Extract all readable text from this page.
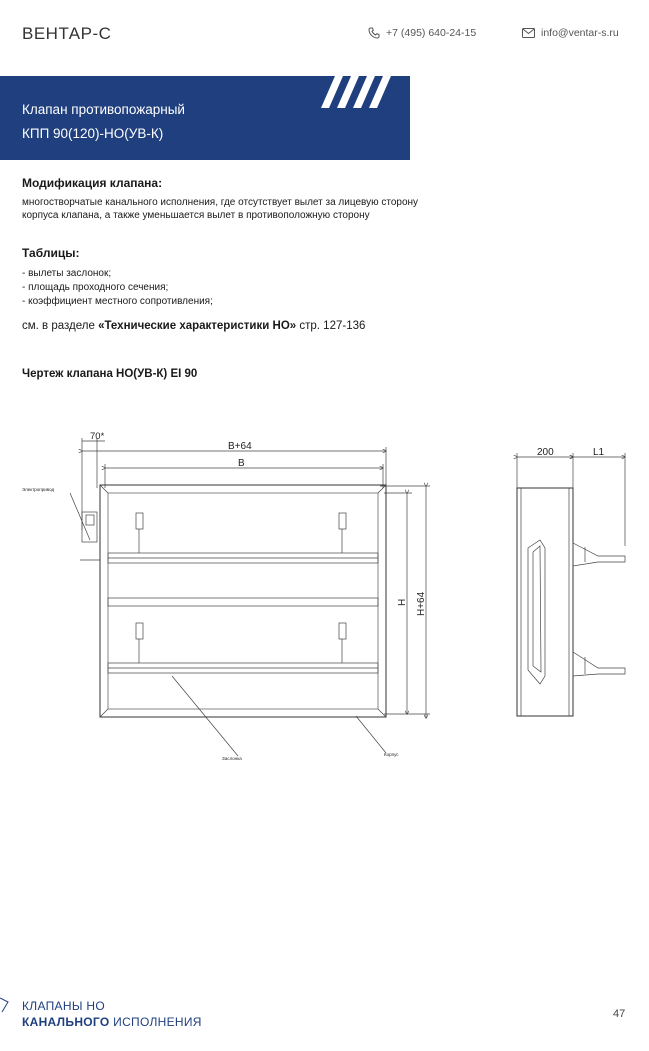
ВЕНТАР-С	+7 (495) 640-24-15	info@ventar-s.ru
Клапан противопожарный
КПП 90(120)-НО(УВ-К)
Модификация клапана:
многостворчатые канального исполнения, где отсутствует вылет за лицевую сторону корпуса клапана, а также уменьшается вылет в противоположную сторону
Таблицы:
- вылеты заслонок;
- площадь проходного сечения;
- коэффициент местного сопротивления;
см. в разделе «Технические характеристики НО» стр. 127-136
Чертеж клапана НО(УВ-К) EI 90
70*
B+64
B
H H+64
Электропривод
Заслонка
Корпус
200	L1
КЛАПАНЫ НО
КАНАЛЬНОГО ИСПОЛНЕНИЯ
47
